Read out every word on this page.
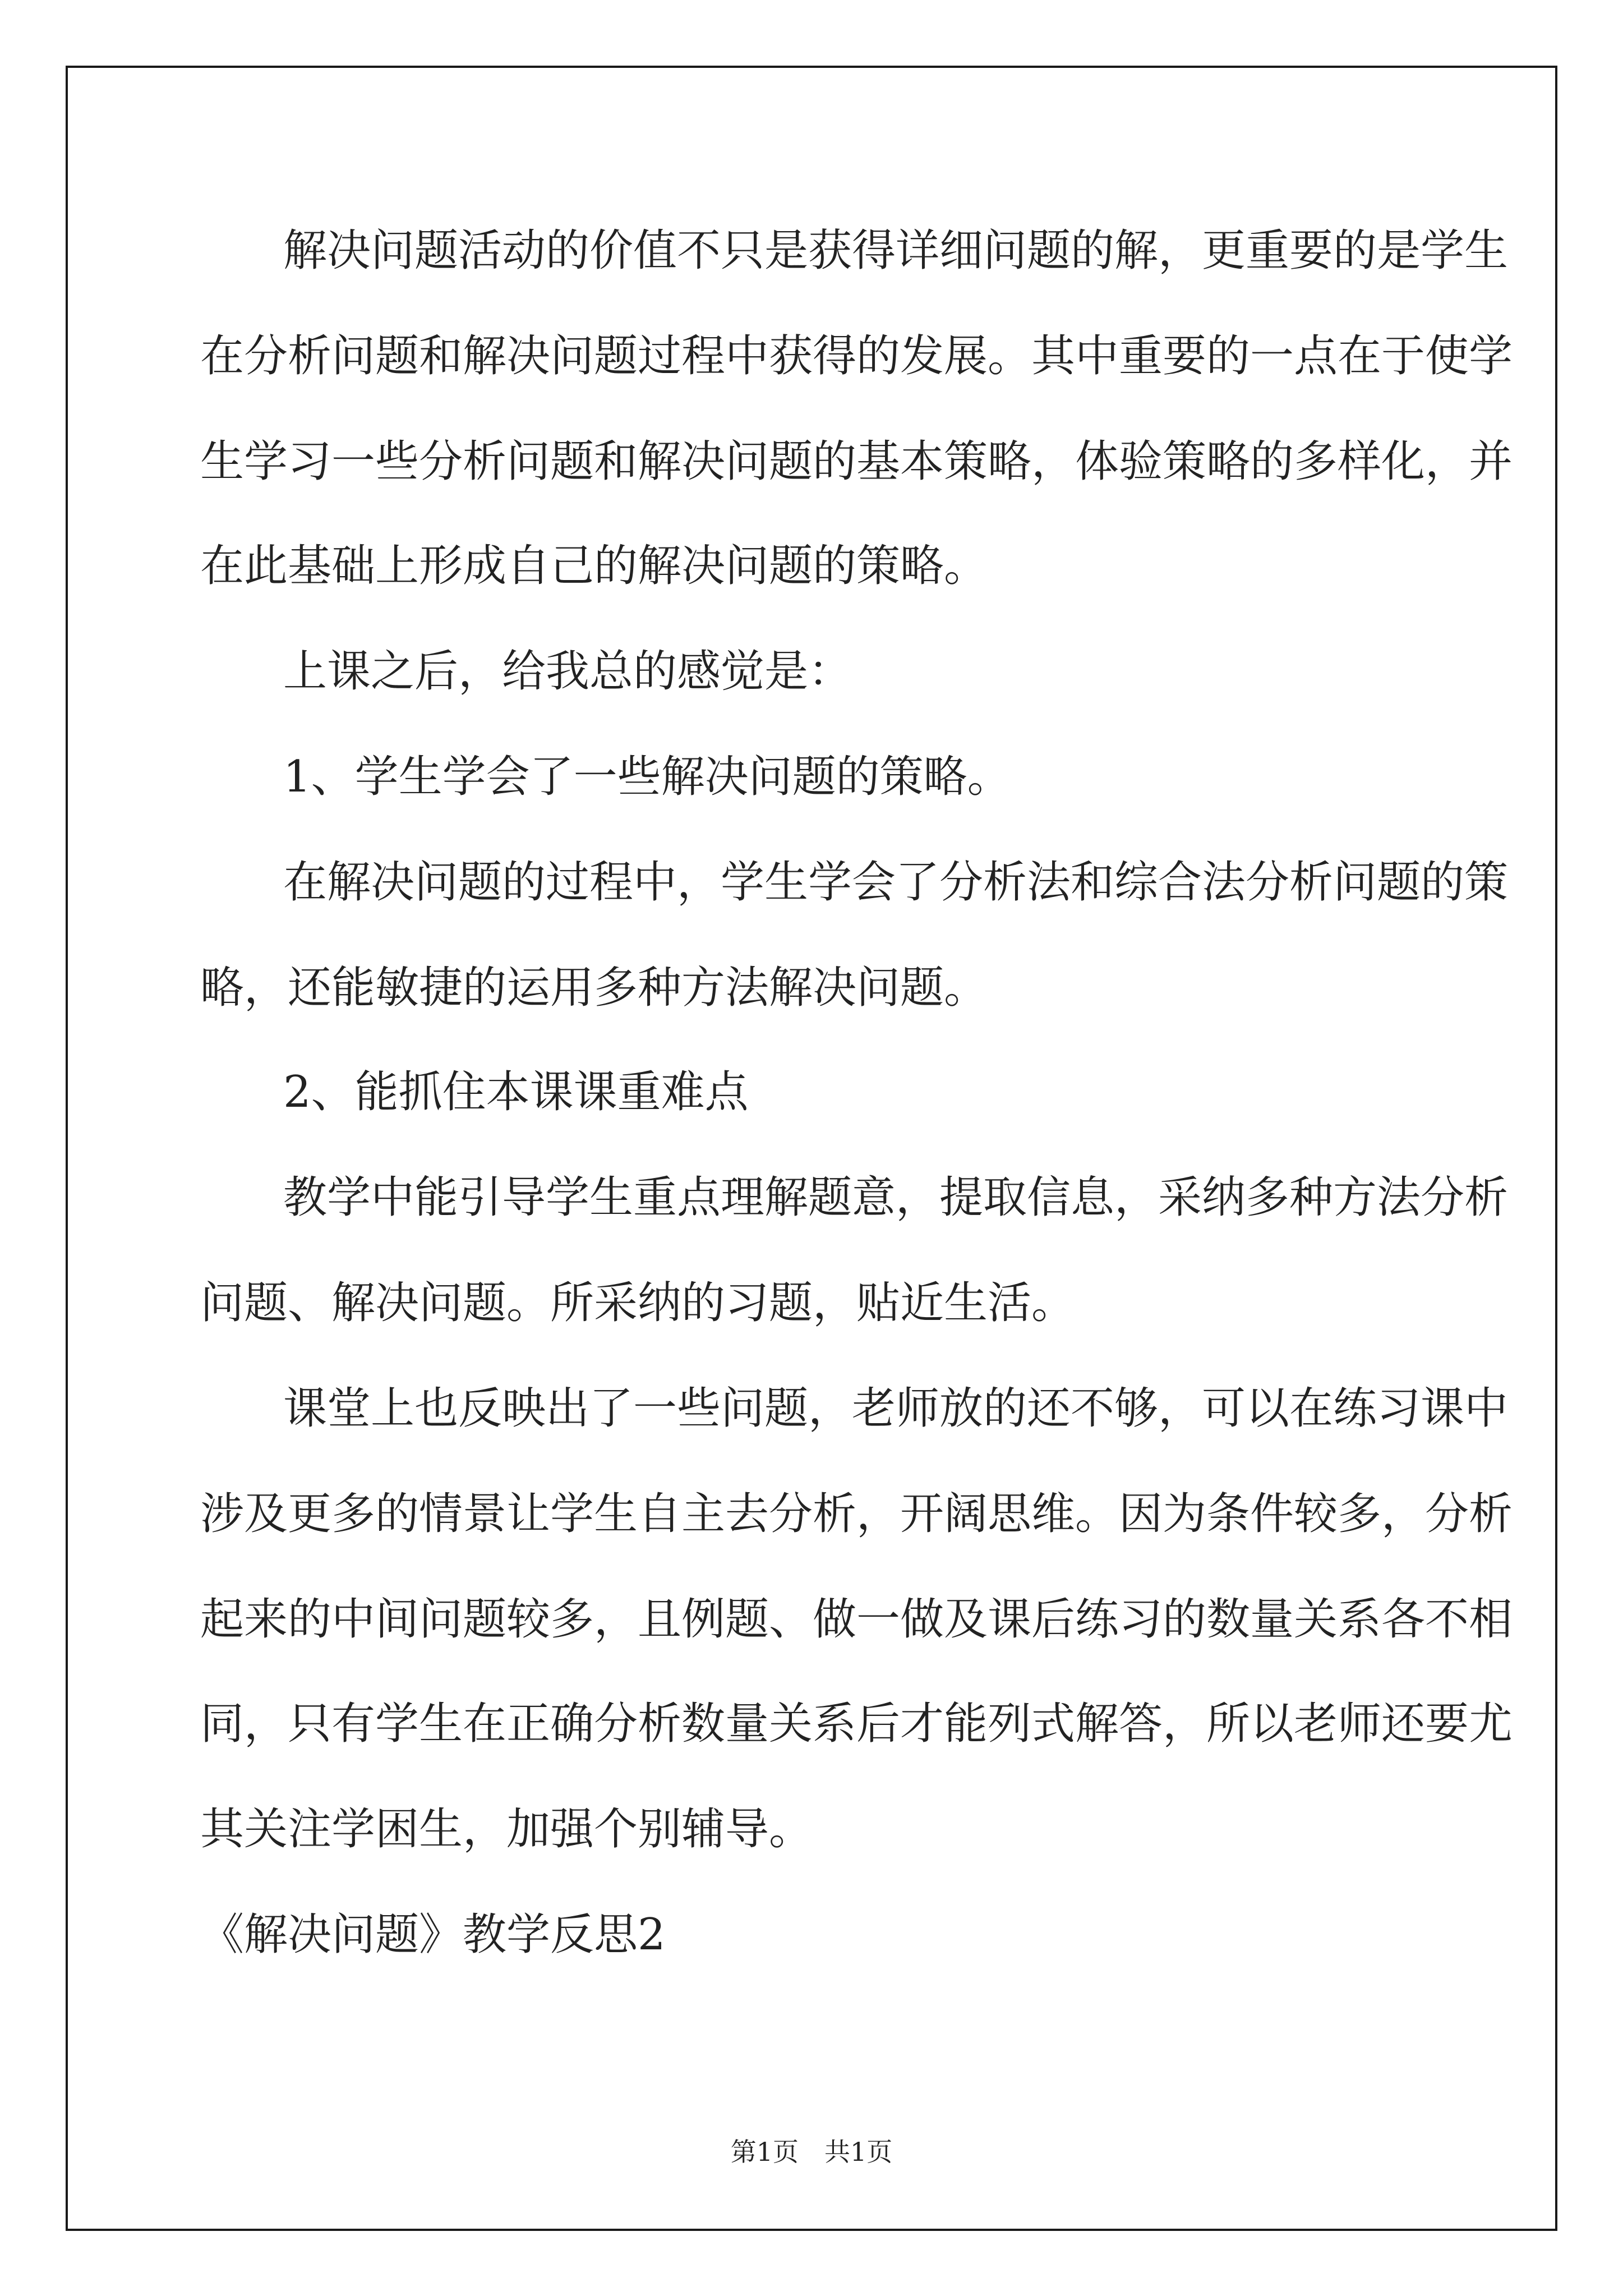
解决问题活动的价值不只是获得详细问题的解，更重要的是学生
在分析问题和解决问题过程中获得的发展。其中重要的一点在于使学
生学习一些分析问题和解决问题的基本策略，体验策略的多样化，并
在此基础上形成自己的解决问题的策略。
上课之后，给我总的感觉是：
1、学生学会了一些解决问题的策略。
在解决问题的过程中，学生学会了分析法和综合法分析问题的策
略，还能敏捷的运用多种方法解决问题。
2、能抓住本课课重难点
教学中能引导学生重点理解题意，提取信息，采纳多种方法分析
问题、解决问题。所采纳的习题，贴近生活。
课堂上也反映出了一些问题，老师放的还不够，可以在练习课中
涉及更多的情景让学生自主去分析，开阔思维。因为条件较多，分析
起来的中间问题较多，且例题、做一做及课后练习的数量关系各不相
同，只有学生在正确分析数量关系后才能列式解答，所以老师还要尤
其关注学困生，加强个别辅导。
《解决问题》教学反思2
第1页　共1页
